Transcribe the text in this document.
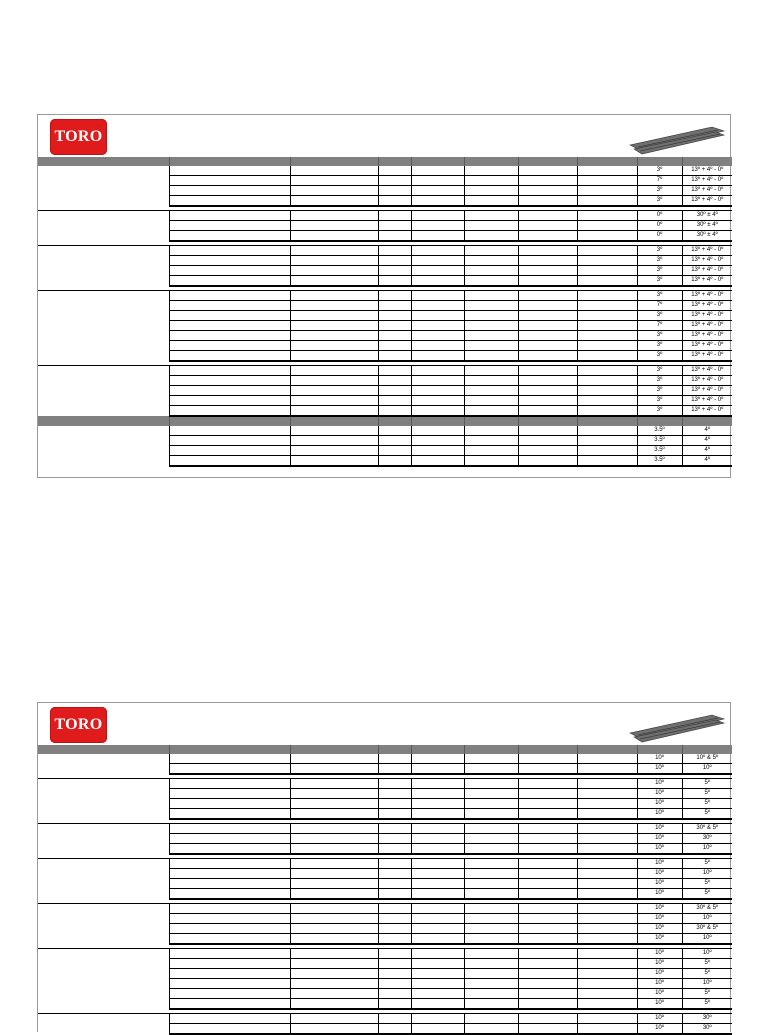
TORO

								3º	13º + 4º - 0º
								7º	13º + 4º - 0º
								3º	13º + 4º - 0º
								3º	13º + 4º - 0º

								0º	30º ± 4º
								0º	30º ± 4º
								0º	30º ± 4º

								3º	13º + 4º - 0º
								3º	13º + 4º - 0º
								3º	13º + 4º - 0º
								3º	13º + 4º - 0º

								3º	13º + 4º - 0º
								7º	13º + 4º - 0º
								3º	13º + 4º - 0º
								7º	13º + 4º - 0º
								3º	13º + 4º - 0º
								3º	13º + 4º - 0º
								3º	13º + 4º - 0º

								3º	13º + 4º - 0º
								3º	13º + 4º - 0º
								3º	13º + 4º - 0º
								3º	13º + 4º - 0º
								3º	13º + 4º - 0º

								3.5º	4º
								3.5º	4º
								3.5º	4º
								3.5º	4º
TORO

								10º	10º & 5º
								10º	10º

								10º	5º
								10º	5º
								10º	5º
								10º	5º

								10º	30º & 5º
								10º	30º
								10º	10º

								10º	5º
								10º	10º
								10º	5º
								10º	5º

								10º	30º & 5º
								10º	10º
								10º	30º & 5º
								10º	10º

								10º	10º
								10º	5º
								10º	5º
								10º	10º
								10º	5º
								10º	5º

								10º	30º
								10º	30º
